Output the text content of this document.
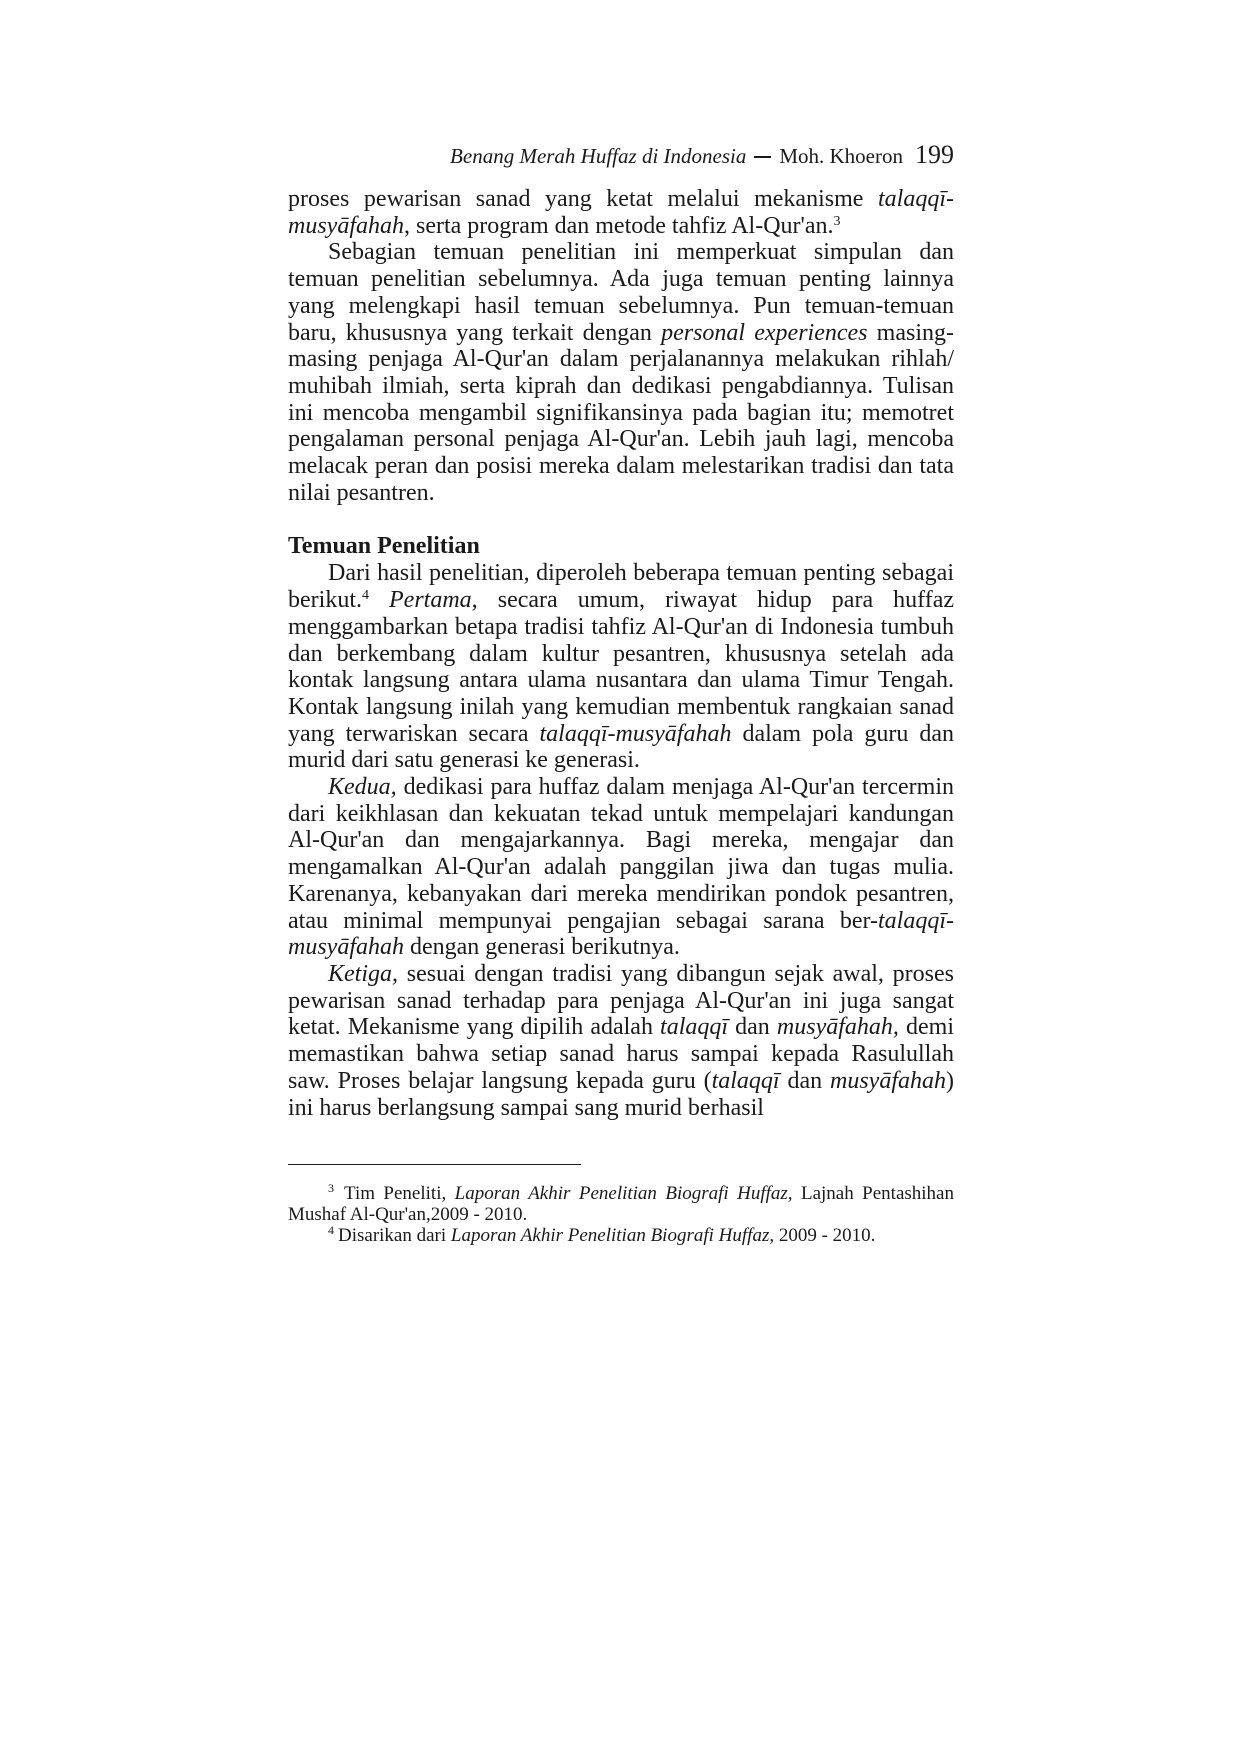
Benang Merah Huffaz di Indonesia Moh. Khoeron 199

proses pewarisan sanad yang ketat melalui mekanisme talaqqī-musyāfahah, serta program dan metode tahfiz Al-Qur'an.$^3$

Sebagian temuan penelitian ini memperkuat simpulan dan temuan penelitian sebelumnya. Ada juga temuan penting lainnya yang melengkapi hasil temuan sebelumnya. Pun temuan-temuan baru, khususnya yang terkait dengan personal experiences masing-masing penjaga Al-Qur'an dalam perjalanannya melakukan rihlah/ muhibah ilmiah, serta kiprah dan dedikasi pengabdiannya. Tulisan ini mencoba mengambil signifikansinya pada bagian itu; memotret pengalaman personal penjaga Al-Qur'an. Lebih jauh lagi, mencoba melacak peran dan posisi mereka dalam melestarikan tradisi dan tata nilai pesantren.

Temuan Penelitian

Dari hasil penelitian, diperoleh beberapa temuan penting sebagai berikut.$^4$ Pertama, secara umum, riwayat hidup para huffaz menggambarkan betapa tradisi tahfiz Al-Qur'an di Indonesia tumbuh dan berkembang dalam kultur pesantren, khususnya setelah ada kontak langsung antara ulama nusantara dan ulama Timur Tengah. Kontak langsung inilah yang kemudian membentuk rangkaian sanad yang terwariskan secara talaqqī-musyāfahah dalam pola guru dan murid dari satu generasi ke generasi.

Kedua, dedikasi para huffaz dalam menjaga Al-Qur'an tercermin dari keikhlasan dan kekuatan tekad untuk mempelajari kandungan Al-Qur'an dan mengajarkannya. Bagi mereka, mengajar dan mengamalkan Al-Qur'an adalah panggilan jiwa dan tugas mulia. Karenanya, kebanyakan dari mereka mendirikan pondok pesantren, atau minimal mempunyai pengajian sebagai sarana ber-talaqqī-musyāfahah dengan generasi berikutnya.

Ketiga, sesuai dengan tradisi yang dibangun sejak awal, proses pewarisan sanad terhadap para penjaga Al-Qur'an ini juga sangat ketat. Mekanisme yang dipilih adalah talaqqī dan musyāfahah, demi memastikan bahwa setiap sanad harus sampai kepada Rasulullah saw. Proses belajar langsung kepada guru (talaqqī dan musyāfahah) ini harus berlangsung sampai sang murid berhasil

$^3$ Tim Peneliti, Laporan Akhir Penelitian Biografi Huffaz, Lajnah Pentashihan Mushaf Al-Qur'an,2009 - 2010.

$^4$ Disarikan dari Laporan Akhir Penelitian Biografi Huffaz, 2009 - 2010.
